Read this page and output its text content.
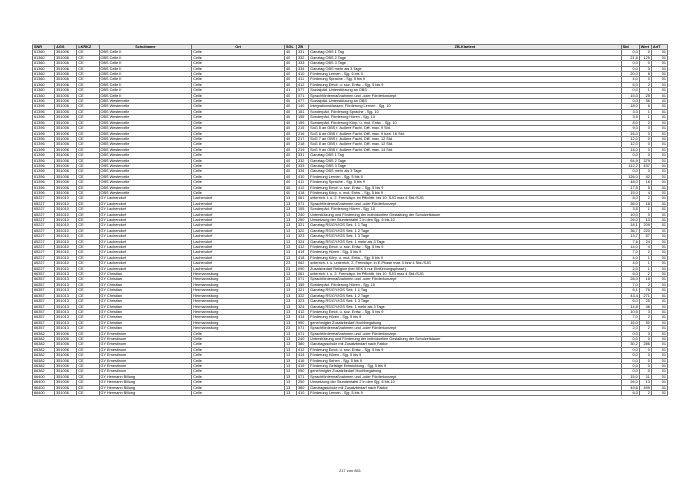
SNR	AGS	LKRKZ	Schulname	Ort	SGL	ZB	ZB-Klartext	Std	Wert	ArtT
61360	351006	CE	OBS Celle II	Celle	40	331	Ganztag OBS 1 Tag	0,0	0	01
61360	351006	CE	OBS Celle II	Celle	40	332	Ganztag OBS 2 Tage	21,6	125	01
61360	351006	CE	OBS Celle II	Celle	40	333	Ganztag OBS 3 Tage	0,0	0	01
61360	351006	CE	OBS Celle II	Celle	40	334	Ganztag OBS mehr als 3 Tage	0,0	0	01
61360	351006	CE	OBS Celle II	Celle	40	410	Förderung Lernen - Sjg. 5 bis 9	20,0	8	01
61360	351006	CE	OBS Celle II	Celle	40	411	Förderung Sprache - Sjg. 5 bis 9	4,0	0	01
61360	351006	CE	OBS Celle II	Celle	40	412	Förderung Emot. u. soz. Entw. - Sjg. 5 bis 9	6,0	2	01
61360	351006	CE	OBS Celle II	Celle	41	077	Sozialpäd. Unterstützung an OBS	0,0	1	01
61360	351006	CE	OBS Celle II	Celle	40	071	Sprachfördermaßnahmen und -oder Förderkonzept	15,0	25	01
61396	351006	CE	OBS Westercelle	Celle	40	077	Sozialpäd. Unterstützung an OBS	0,0	36	01
61396	351006	CE	OBS Westercelle	Celle	40	140	Integrationsklassen: Förderung Lernen - Sjg. 10	18,0	6	01
61396	351006	CE	OBS Westercelle	Celle	40	151	Sonderpäd. Förderung Sprache - Sjg. 10	3,0	1	01
61396	351006	CE	OBS Westercelle	Celle	40	155	Sonderpäd. Förderung Hören - Sjg. 10	3,5	1	01
61396	351006	CE	OBS Westercelle	Celle	40	159	Sonderpäd. Förderung Körp. u. mot. Entw. - Sjg. 10	8,0	2	01
61396	351006	CE	OBS Westercelle	Celle	40	215	SoG 5 an OBS f. äußere Fachl. Diff. max. 9 Std.	9,0	0	01
61396	351006	CE	OBS Westercelle	Celle	40	216	SoG 6 an OBS f. äußere Fachl. Diff. max. 9 bzw. 16 Std.	16,0	0	01
61396	351006	CE	OBS Westercelle	Celle	40	217	SoG 7 an OBS f. äußere Fachl. Diff. max. 12 Std.	12,0	0	01
61396	351006	CE	OBS Westercelle	Celle	40	218	SoG 8 an OBS f. äußere Fachl. Diff. max. 12 Std.	12,0	0	01
61396	351006	CE	OBS Westercelle	Celle	40	219	SoG 9 an OBS f. äußere Fachl. Diff. max. 14 Std.	14,0	0	01
61396	351006	CE	OBS Westercelle	Celle	40	331	Ganztag OBS 1 Tag	0,0	0	01
61396	351006	CE	OBS Westercelle	Celle	40	332	Ganztag OBS 2 Tage	64,9	379	01
61396	351006	CE	OBS Westercelle	Celle	40	333	Ganztag OBS 3 Tage	112,2	437	01
61396	351006	CE	OBS Westercelle	Celle	40	334	Ganztag OBS mehr als 3 Tage	0,0	0	01
61396	351006	CE	OBS Westercelle	Celle	40	410	Förderung Lernen - Sjg. 5 bis 9	126,0	42	01
61396	351006	CE	OBS Westercelle	Celle	40	411	Förderung Sprache - Sjg. 5 bis 9	48,0	16	01
61396	351006	CE	OBS Westercelle	Celle	40	412	Förderung Emot. u. soz. Entw. - Sjg. 5 bis 9	17,5	5	01
61396	351006	CE	OBS Westercelle	Celle	40	418	Förderung Körp. u. mot. Entw. - Sjg. 5 bis 9	15,0	4	01
65227	351010	CE	GY Lachendorf	Lachendorf	13	061	unterrich. t. u. 2. Fremdspr. im Pflichtb. bis 10. SJG max 4 Std./SJG	8,0	2	01
65227	351010	CE	GY Lachendorf	Lachendorf	13	071	Sprachfördermaßnahmen und -oder Förderkonzept	36,0	18	01
65227	351010	CE	GY Lachendorf	Lachendorf	13	155	Sonderpäd. Förderung Hören - Sjg. 10	3,5	1	01
65227	351010	CE	GY Lachendorf	Lachendorf	13	240	Unterstützung und Förderung der individuellen Gestaltung der Schulzeitdauer	10,0	0	01
65227	351010	CE	GY Lachendorf	Lachendorf	13	250	Umsetzung der Stundentafel 2 in den Sjg. 6 bis 10	26,0	13	01
65227	351010	CE	GY Lachendorf	Lachendorf	13	321	Ganztag RS/GY/IGS Sek. 1 1 Tag	18,1	209	01
65227	351010	CE	GY Lachendorf	Lachendorf	13	322	Ganztag RS/GY/IGS Sek. 1 2 Tage	36,7	220	01
65227	351010	CE	GY Lachendorf	Lachendorf	13	323	Ganztag RS/GY/IGS Sek. 1 3 Tage	13,7	57	01
65227	351010	CE	GY Lachendorf	Lachendorf	13	324	Ganztag RS/GY/IGS Sek. 1 mehr als 3 Tage	7,6	24	01
65227	351010	CE	GY Lachendorf	Lachendorf	13	412	Förderung Emot. u. soz. Entw. - Sjg. 5 bis 9	14,0	4	01
65227	351010	CE	GY Lachendorf	Lachendorf	13	414	Förderung Hören - Sjg. 5 bis 9	7,0	2	01
65227	351010	CE	GY Lachendorf	Lachendorf	13	418	Förderung Körp. u. mot. Entw. - Sjg. 5 bis 9	4,0	1	01
65227	351010	CE	GY Lachendorf	Lachendorf	23	062	unterrich. t. u. unterrich. 2. Fremdspr. in E-Phase max 3 bzw 4 Std./SJG	4,0	1	01
65227	351010	CE	GY Lachendorf	Lachendorf	23	090	Zusatzbedarf Religion (bei SEK II nur Einführungsphase)	2,0	1	01
66357	351013	CE	GY Christian	Hermannsburg	13	061	unterrich. t. u. 2. Fremdspr. im Pflichtb. bis 10. SJG max 4 Std./SJG	6,0	2	01
66357	351013	CE	GY Christian	Hermannsburg	13	071	Sprachfördermaßnahmen und -oder Förderkonzept	28,0	18	01
66357	351013	CE	GY Christian	Hermannsburg	13	155	Sonderpäd. Förderung Hören - Sjg. 10	7,0	2	01
66357	351013	CE	GY Christian	Hermannsburg	13	321	Ganztag RS/GY/IGS Sek. 1 1 Tag	6,1	76	01
66357	351013	CE	GY Christian	Hermannsburg	13	322	Ganztag RS/GY/IGS Sek. 1 2 Tage	43,4	271	01
66357	351013	CE	GY Christian	Hermannsburg	13	323	Ganztag RS/GY/IGS Sek. 1 3 Tage	6,0	25	01
66357	351013	CE	GY Christian	Hermannsburg	13	324	Ganztag RS/GY/IGS Sek. 1 mehr als 3 Tage	14,8	46	01
66357	351013	CE	GY Christian	Hermannsburg	13	412	Förderung Emot. u. soz. Entw. - Sjg. 5 bis 9	10,5	3	01
66357	351013	CE	GY Christian	Hermannsburg	13	414	Förderung Hören - Sjg. 5 bis 9	7,0	2	01
66357	351013	CE	GY Christian	Hermannsburg	13	950	genehmigter Zusatzbedarf Hochbegabung	16,0	50	01
66357	351013	CE	GY Christian	Hermannsburg	23	071	Sprachfördermaßnahmen und -oder Förderkonzept	2,0	2	01
66382	351006	CE	GY Ernestinum	Celle	13	071	Sprachfördermaßnahmen und -oder Förderkonzept	0,0	0	01
66382	351006	CE	GY Ernestinum	Celle	13	240	Unterstützung und Förderung der individuellen Gestaltung der Schulzeitdauer	0,0	0	01
66382	351006	CE	GY Ernestinum	Celle	13	380	Ganztagsschule mit Zusatzbedarf nach Faktor	30,2	286	01
66382	351006	CE	GY Ernestinum	Celle	13	412	Förderung Emot. u. soz. Entw. - Sjg. 5 bis 9	0,0	0	01
66382	351006	CE	GY Ernestinum	Celle	13	414	Förderung Hören - Sjg. 5 bis 9	0,0	0	01
66382	351006	CE	GY Ernestinum	Celle	13	416	Förderung Sehen - Sjg. 5 bis 9	0,0	0	01
66382	351006	CE	GY Ernestinum	Celle	13	419	Förderung Geistige Entwicklung - Sjg. 5 bis 9	0,0	0	01
66382	351006	CE	GY Ernestinum	Celle	13	950	genehmigter Zusatzbedarf Hochbegabung	0,0	0	01
66400	351006	CE	GY Hermann Billung	Celle	13	071	Sprachfördermaßnahmen und -oder Förderkonzept	15,0	11	01
66400	351006	CE	GY Hermann Billung	Celle	13	250	Umsetzung der Stundentafel 2 in den Sjg. 6 bis 10	26,0	13	01
66400	351006	CE	GY Hermann Billung	Celle	13	380	Ganztagsschule mit Zusatzbedarf nach Faktor	49,6	499	01
66400	351006	CE	GY Hermann Billung	Celle	13	410	Förderung Lernen - Sjg. 5 bis 9	6,0	2	01
217 von 851
